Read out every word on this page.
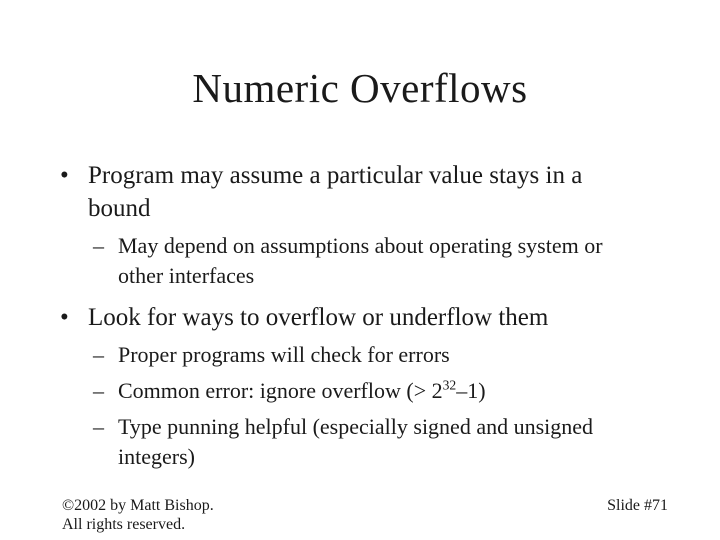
Numeric Overflows
• Program may assume a particular value stays in a
bound
– May depend on assumptions about operating system or
other interfaces
• Look for ways to overflow or underflow them
– Proper programs will check for errors
– Common error: ignore overflow (> $2^{32}-1$)
– Type punning helpful (especially signed and unsigned
integers)
©2002 by Matt Bishop.
All rights reserved.
Slide #71
